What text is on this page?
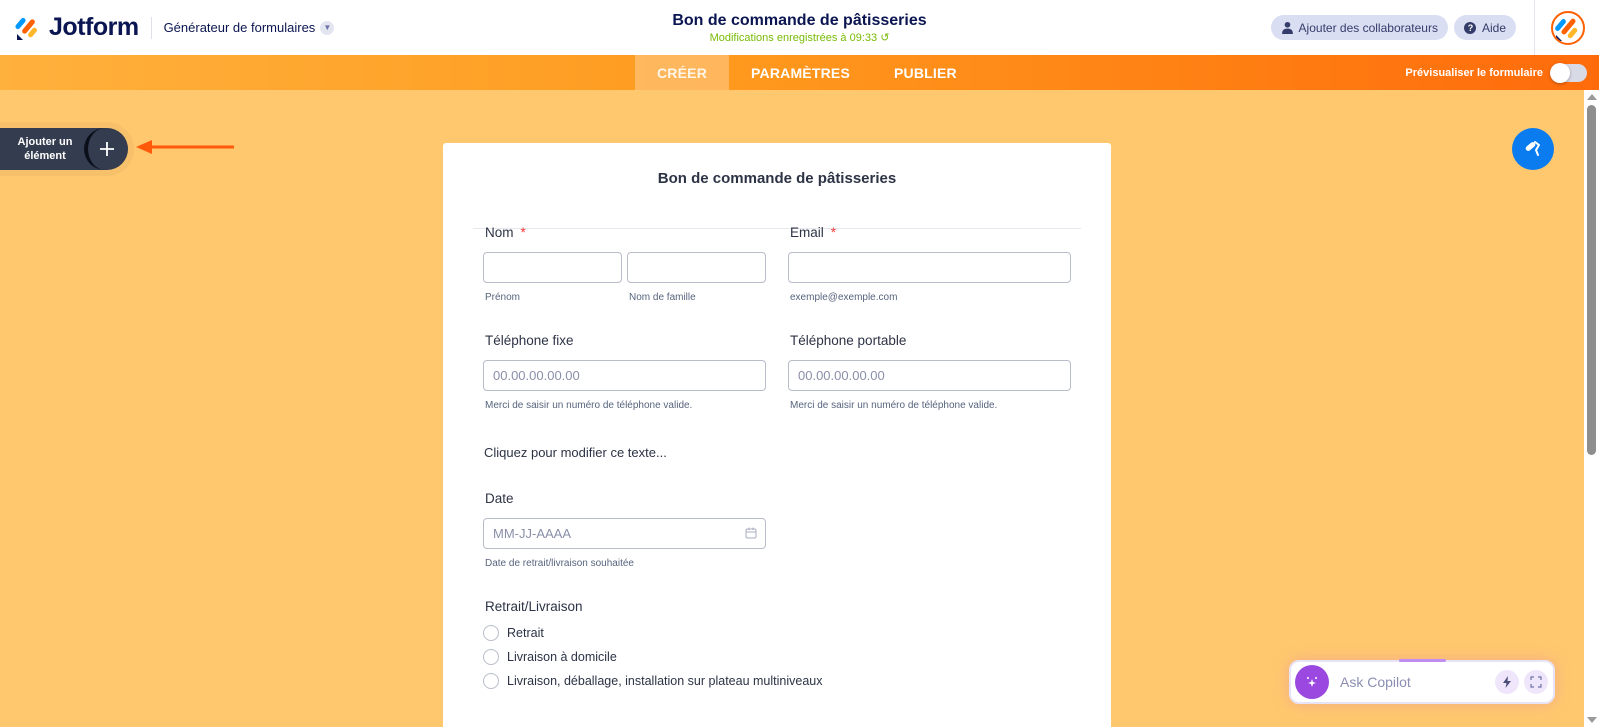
Jotform Générateur de formulaires	▼	Bon de commande de pâtisseries
Modifications enregistrées à 09:33 ↺
Ajouter des collaborateurs	? Aide
CRÉER	PARAMÈTRES	PUBLIER	Prévisualiser le formulaire
Ajouter un
élément
Bon de commande de pâtisseries
Nom *
Prénom	Nom de famille
Email *
exemple@exemple.com
Téléphone fixe
00.00.00.00.00
Merci de saisir un numéro de téléphone valide.
Téléphone portable
00.00.00.00.00
Merci de saisir un numéro de téléphone valide.
Cliquez pour modifier ce texte...
Date
MM-JJ-AAAA
Date de retrait/livraison souhaitée
Retrait/Livraison
Retrait
Livraison à domicile
Livraison, déballage, installation sur plateau multiniveaux	Ask Copilot
